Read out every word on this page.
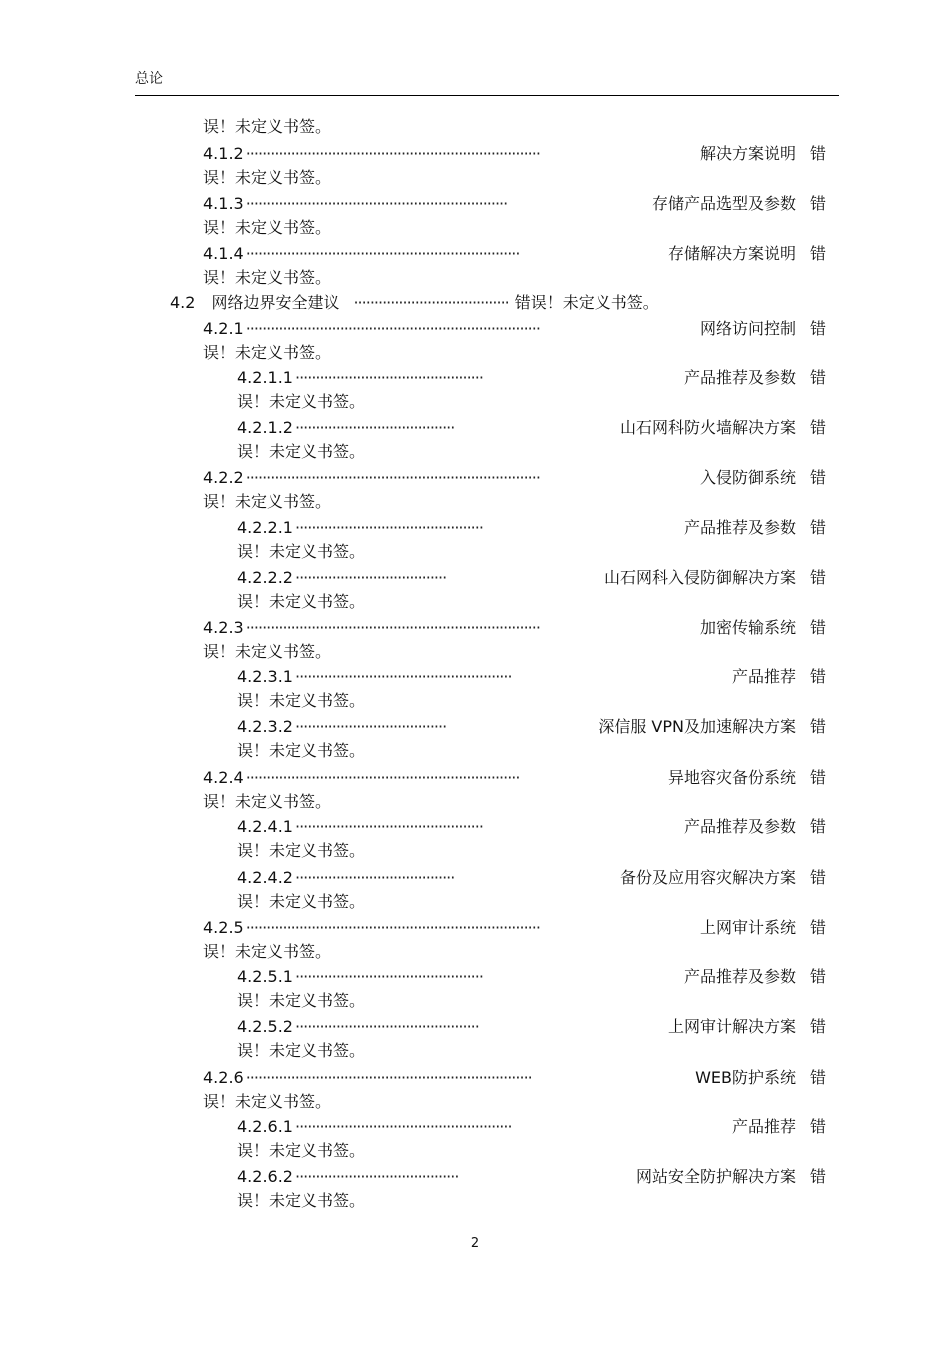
总论
误！未定义书签。
4.1.2 ········································································	解决方案说明 错
误！未定义书签。
4.1.3 ································································	存储产品选型及参数 错
误！未定义书签。
4.1.4 ···································································	存储解决方案说明 错
误！未定义书签。
4.2 网络边界安全建议 ······································ 错误！未定义书签。
4.2.1 ········································································	网络访问控制 错
误！未定义书签。
4.2.1.1 ··············································	产品推荐及参数 错
误！未定义书签。
4.2.1.2 ·······································	山石网科防火墙解决方案 错
误！未定义书签。
4.2.2 ········································································	入侵防御系统 错
误！未定义书签。
4.2.2.1 ··············································	产品推荐及参数 错
误！未定义书签。
4.2.2.2 ·····································	山石网科入侵防御解决方案 错
误！未定义书签。
4.2.3 ········································································	加密传输系统 错
误！未定义书签。
4.2.3.1 ·····················································	产品推荐 错
误！未定义书签。
4.2.3.2 ·····································	深信服 VPN及加速解决方案 错
误！未定义书签。
4.2.4 ···································································	异地容灾备份系统 错
误！未定义书签。
4.2.4.1 ··············································	产品推荐及参数 错
误！未定义书签。
4.2.4.2 ·······································	备份及应用容灾解决方案 错
误！未定义书签。
4.2.5 ········································································	上网审计系统 错
误！未定义书签。
4.2.5.1 ··············································	产品推荐及参数 错
误！未定义书签。
4.2.5.2 ·············································	上网审计解决方案 错
误！未定义书签。
4.2.6 ······································································	WEB防护系统 错
误！未定义书签。
4.2.6.1 ·····················································	产品推荐 错
误！未定义书签。
4.2.6.2 ········································	网站安全防护解决方案 错
误！未定义书签。
2
